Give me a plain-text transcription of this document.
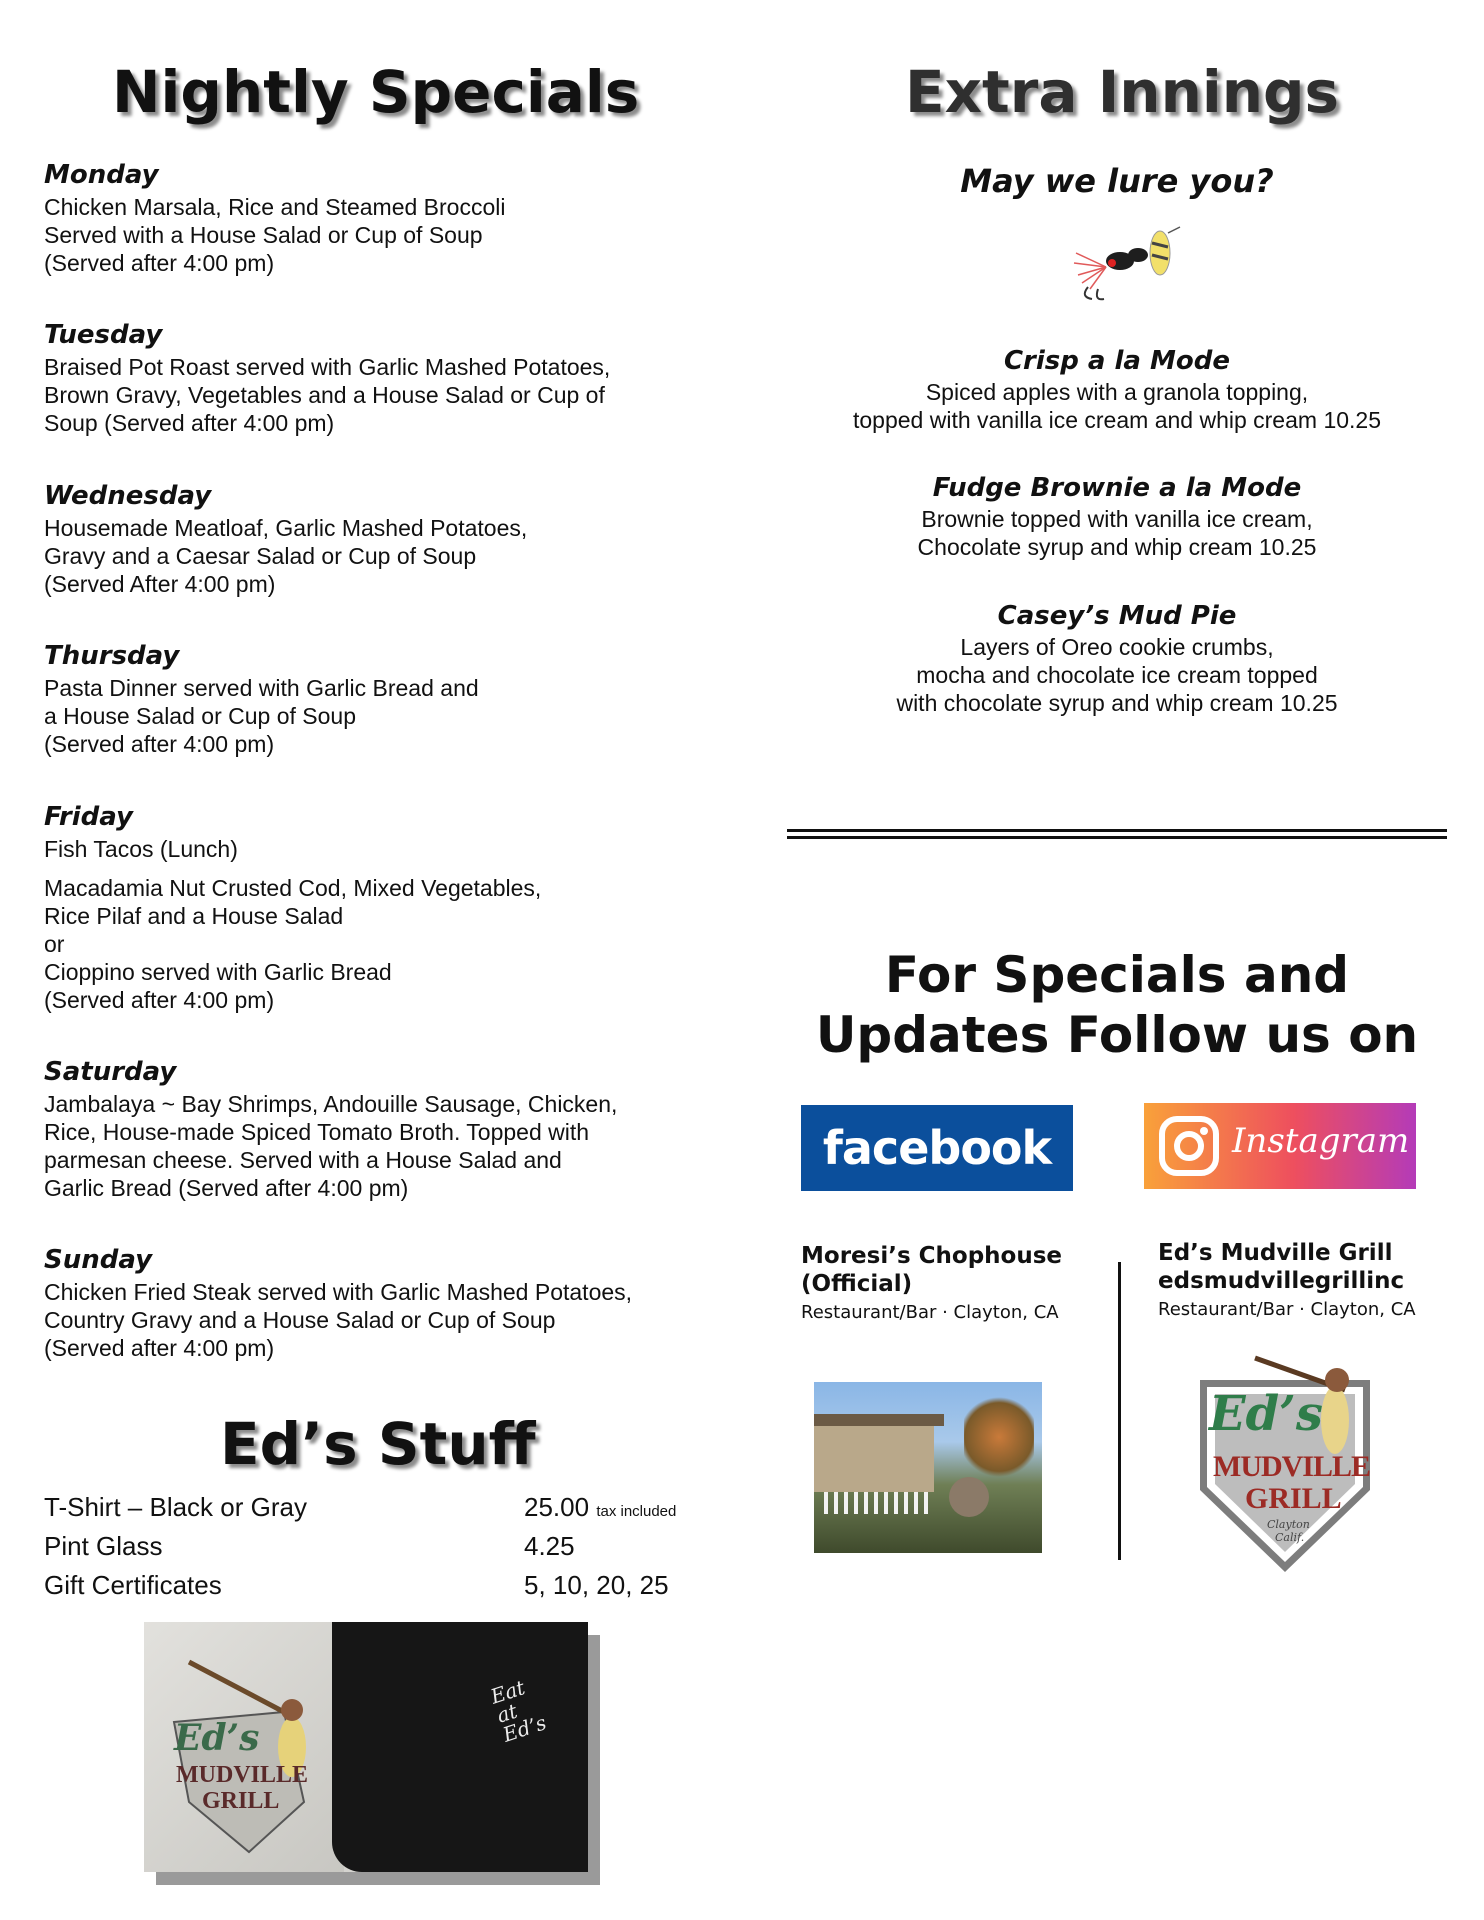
Nightly Specials
Monday
Chicken Marsala, Rice and Steamed Broccoli
Served with a House Salad or Cup of Soup
(Served after 4:00 pm)
Tuesday
Braised Pot Roast served with Garlic Mashed Potatoes,
Brown Gravy, Vegetables and a House Salad or Cup of
Soup (Served after 4:00 pm)
Wednesday
Housemade Meatloaf, Garlic Mashed Potatoes,
Gravy and a Caesar Salad or Cup of Soup
(Served After 4:00 pm)
Thursday
Pasta Dinner served with Garlic Bread and
a House Salad or Cup of Soup
(Served after 4:00 pm)
Friday
Fish Tacos (Lunch)
Macadamia Nut Crusted Cod, Mixed Vegetables,
Rice Pilaf and a House Salad
or
Cioppino served with Garlic Bread
(Served after 4:00 pm)
Saturday
Jambalaya ~ Bay Shrimps, Andouille Sausage, Chicken,
Rice, House-made Spiced Tomato Broth. Topped with
parmesan cheese. Served with a House Salad and
Garlic Bread (Served after 4:00 pm)
Sunday
Chicken Fried Steak served with Garlic Mashed Potatoes,
Country Gravy and a House Salad or Cup of Soup
(Served after 4:00 pm)
Ed’s Stuff
T-Shirt – Black or Gray	25.00 tax included
Pint Glass	4.25
Gift Certificates	5, 10, 20, 25
Ed’s
MUDVILLE
GRILL
Eat at Ed’s
Extra Innings
May we lure you?
Crisp a la Mode
Spiced apples with a granola topping,
topped with vanilla ice cream and whip cream 10.25
Fudge Brownie a la Mode
Brownie topped with vanilla ice cream,
Chocolate syrup and whip cream 10.25
Casey’s Mud Pie
Layers of Oreo cookie crumbs,
mocha and chocolate ice cream topped
with chocolate syrup and whip cream 10.25
For Specials and
Updates Follow us on
facebook	Instagram
Moresi’s Chophouse
(Official)
Restaurant/Bar · Clayton, CA
Ed’s Mudville Grill
edsmudvillegrillinc
Restaurant/Bar · Clayton, CA
Ed’s
MUDVILLE
GRILL
Clayton
Calif.
